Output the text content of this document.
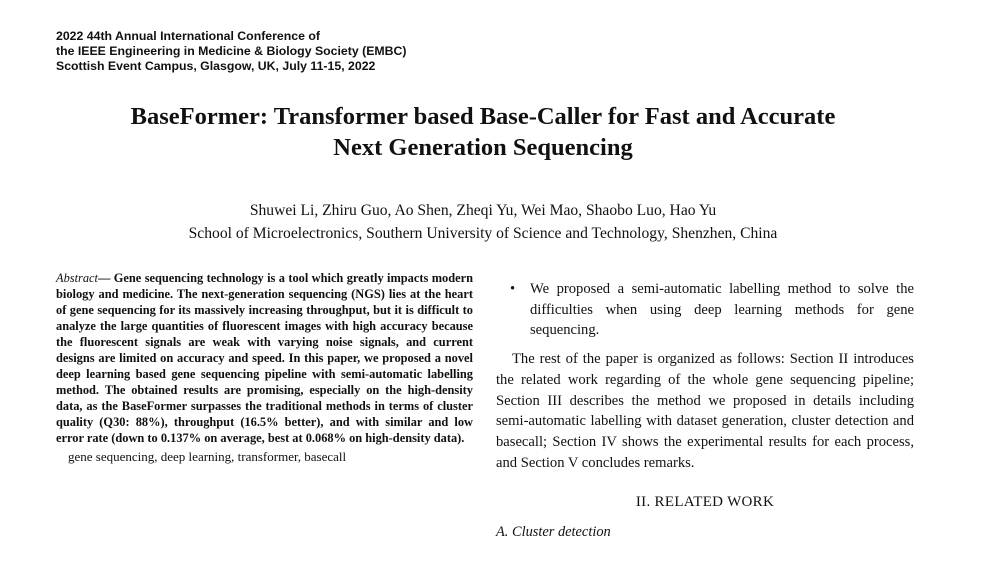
2022 44th Annual International Conference of
the IEEE Engineering in Medicine & Biology Society (EMBC)
Scottish Event Campus, Glasgow, UK, July 11-15, 2022
BaseFormer: Transformer based Base-Caller for Fast and Accurate
Next Generation Sequencing
Shuwei Li, Zhiru Guo, Ao Shen, Zheqi Yu, Wei Mao, Shaobo Luo, Hao Yu
School of Microelectronics, Southern University of Science and Technology, Shenzhen, China

Abstract— Gene sequencing technology is a tool which greatly impacts modern biology and medicine. The next-generation sequencing (NGS) lies at the heart of gene sequencing for its massively increasing throughput, but it is difficult to analyze the large quantities of fluorescent images with high accuracy because the fluorescent signals are weak with varying noise signals, and current designs are limited on accuracy and speed. In this paper, we proposed a novel deep learning based gene sequencing pipeline with semi-automatic labelling method. The obtained results are promising, especially on the high-density data, as the BaseFormer surpasses the traditional methods in terms of cluster quality (Q30: 88%), throughput (16.5% better), and with similar and low error rate (down to 0.137% on average, best at 0.068% on high-density data).

gene sequencing, deep learning, transformer, basecall

• We proposed a semi-automatic labelling method to solve the difficulties when using deep learning methods for gene sequencing.

The rest of the paper is organized as follows: Section II introduces the related work regarding of the whole gene sequencing pipeline; Section III describes the method we proposed in details including semi-automatic labelling with dataset generation, cluster detection and basecall; Section IV shows the experimental results for each process, and Section V concludes remarks.

II. RELATED WORK
A. Cluster detection
